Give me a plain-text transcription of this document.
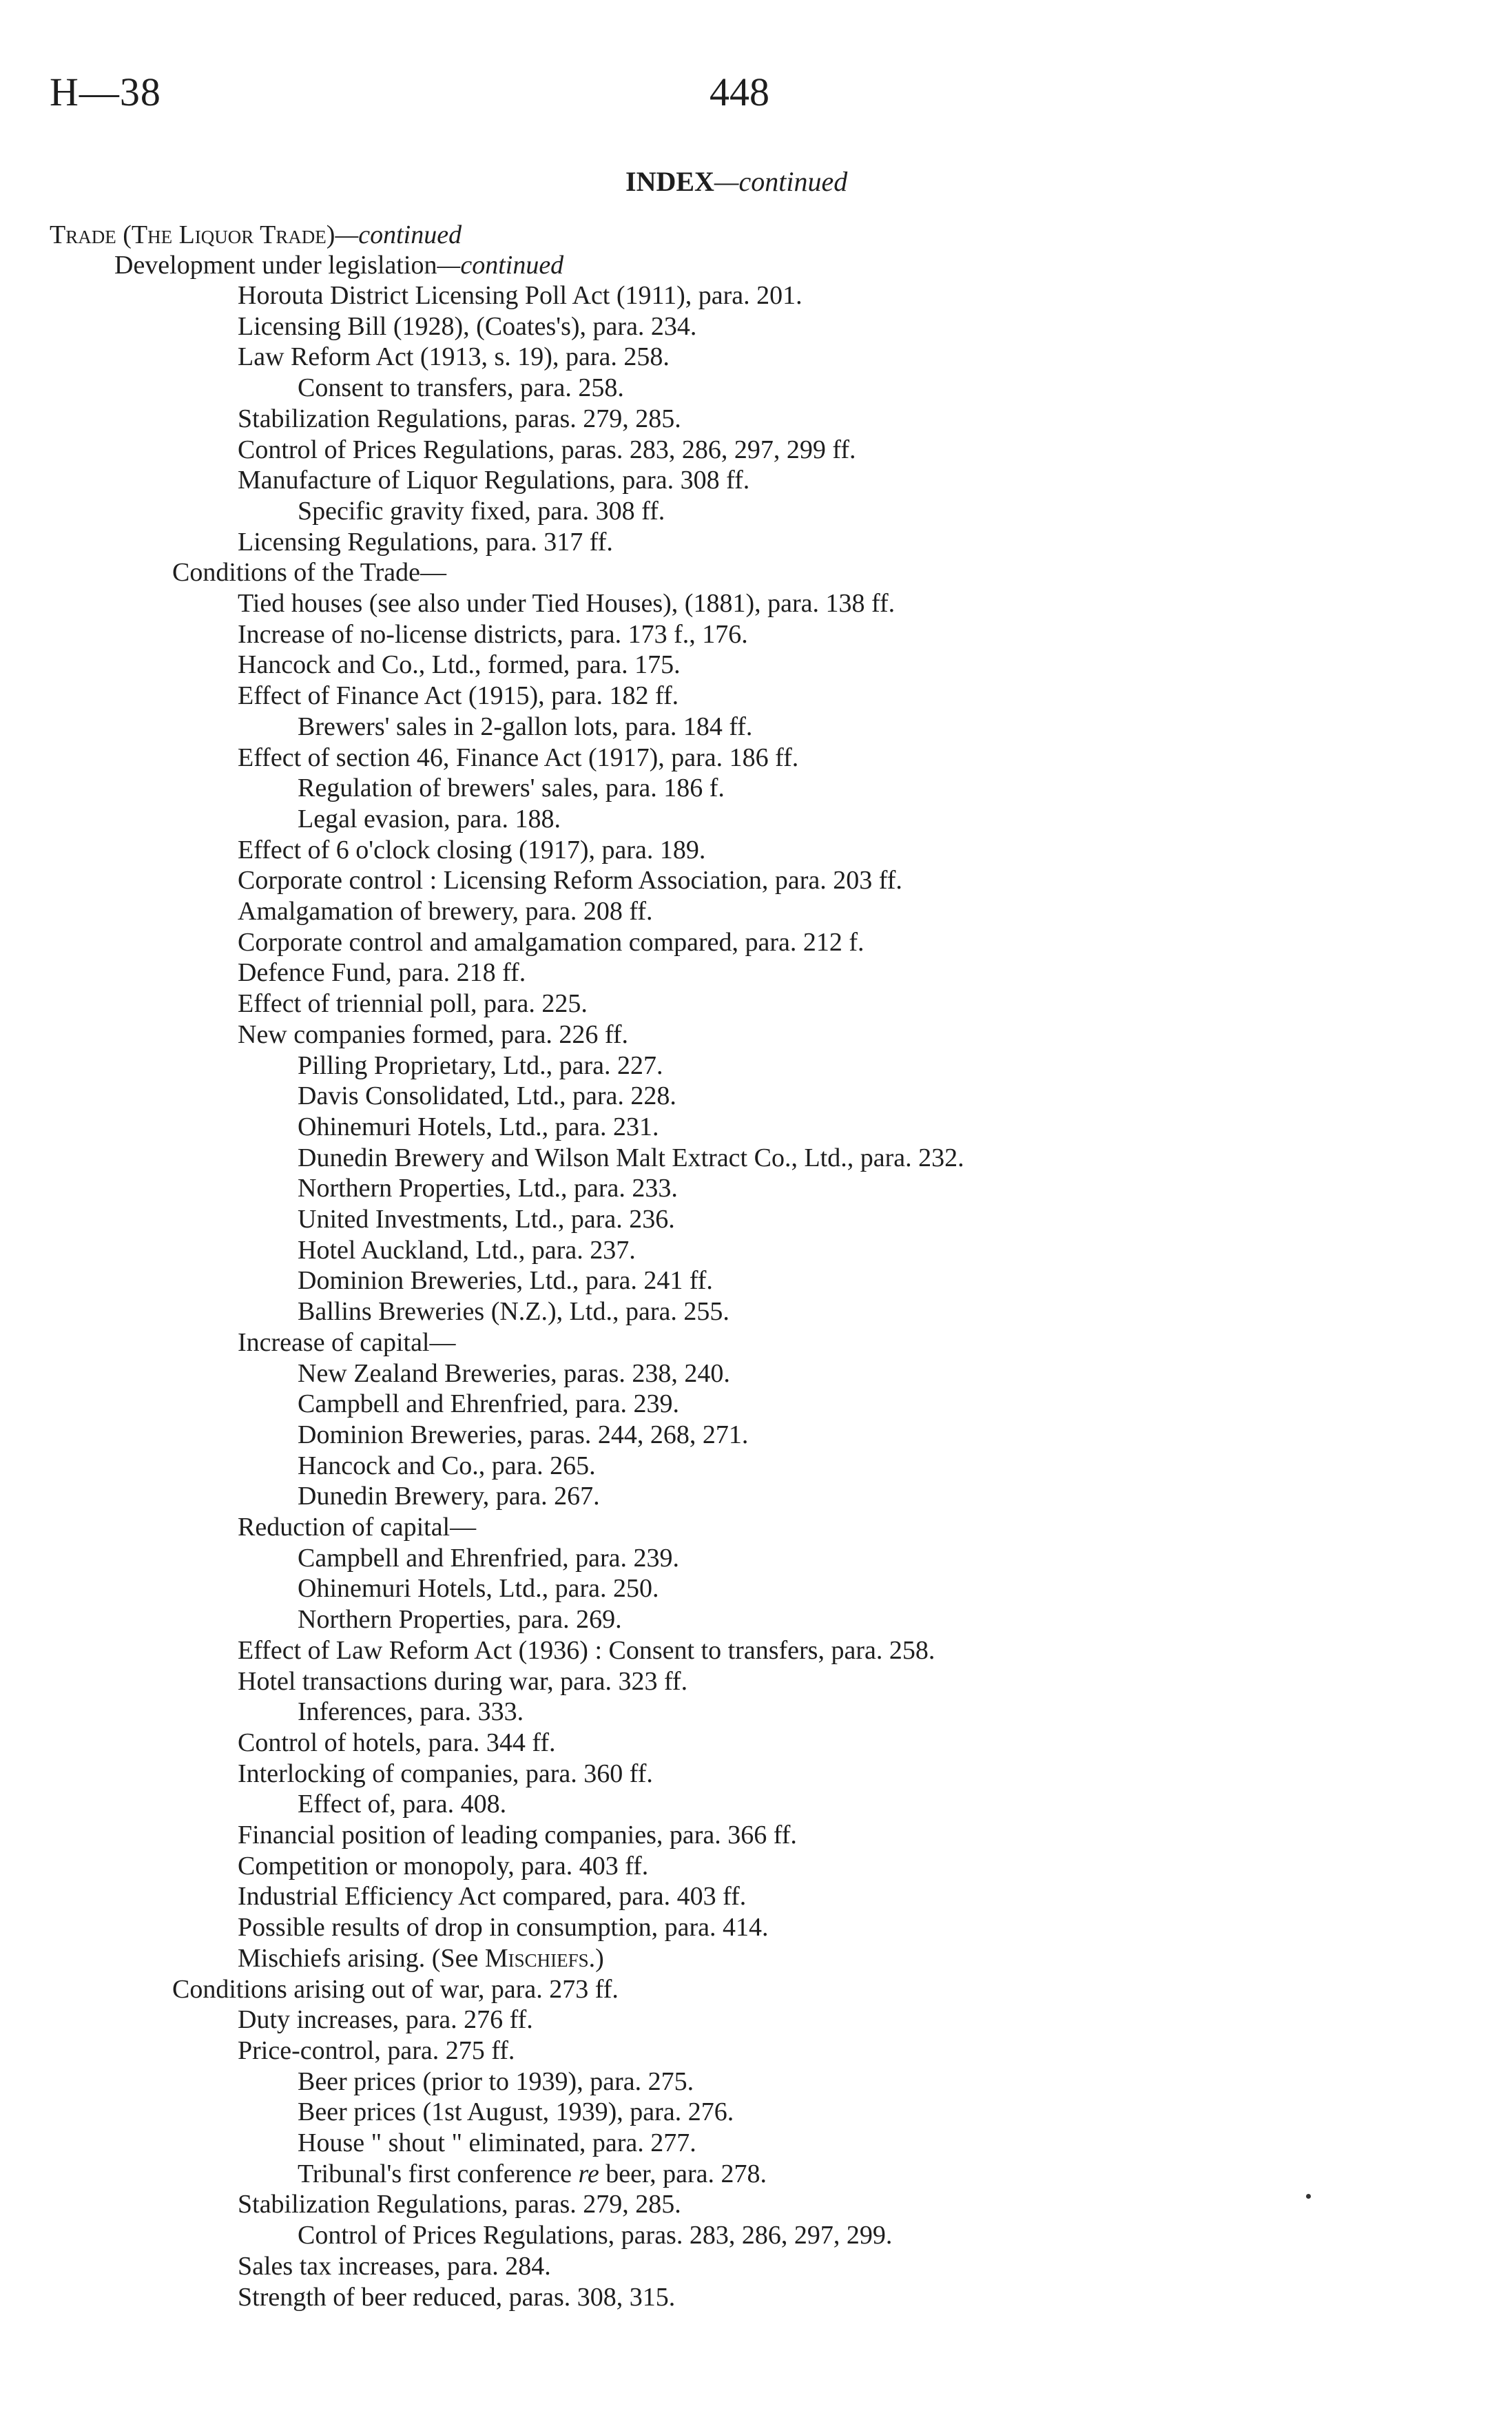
H—38	448
INDEX—continued
Trade (The Liquor Trade)—continued
Development under legislation—continued
Horouta District Licensing Poll Act (1911), para. 201.
Licensing Bill (1928), (Coates's), para. 234.
Law Reform Act (1913, s. 19), para. 258.
Consent to transfers, para. 258.
Stabilization Regulations, paras. 279, 285.
Control of Prices Regulations, paras. 283, 286, 297, 299 ff.
Manufacture of Liquor Regulations, para. 308 ff.
Specific gravity fixed, para. 308 ff.
Licensing Regulations, para. 317 ff.
Conditions of the Trade—
Tied houses (see also under Tied Houses), (1881), para. 138 ff.
Increase of no-license districts, para. 173 f., 176.
Hancock and Co., Ltd., formed, para. 175.
Effect of Finance Act (1915), para. 182 ff.
Brewers' sales in 2-gallon lots, para. 184 ff.
Effect of section 46, Finance Act (1917), para. 186 ff.
Regulation of brewers' sales, para. 186 f.
Legal evasion, para. 188.
Effect of 6 o'clock closing (1917), para. 189.
Corporate control : Licensing Reform Association, para. 203 ff.
Amalgamation of brewery, para. 208 ff.
Corporate control and amalgamation compared, para. 212 f.
Defence Fund, para. 218 ff.
Effect of triennial poll, para. 225.
New companies formed, para. 226 ff.
Pilling Proprietary, Ltd., para. 227.
Davis Consolidated, Ltd., para. 228.
Ohinemuri Hotels, Ltd., para. 231.
Dunedin Brewery and Wilson Malt Extract Co., Ltd., para. 232.
Northern Properties, Ltd., para. 233.
United Investments, Ltd., para. 236.
Hotel Auckland, Ltd., para. 237.
Dominion Breweries, Ltd., para. 241 ff.
Ballins Breweries (N.Z.), Ltd., para. 255.
Increase of capital—
New Zealand Breweries, paras. 238, 240.
Campbell and Ehrenfried, para. 239.
Dominion Breweries, paras. 244, 268, 271.
Hancock and Co., para. 265.
Dunedin Brewery, para. 267.
Reduction of capital—
Campbell and Ehrenfried, para. 239.
Ohinemuri Hotels, Ltd., para. 250.
Northern Properties, para. 269.
Effect of Law Reform Act (1936) : Consent to transfers, para. 258.
Hotel transactions during war, para. 323 ff.
Inferences, para. 333.
Control of hotels, para. 344 ff.
Interlocking of companies, para. 360 ff.
Effect of, para. 408.
Financial position of leading companies, para. 366 ff.
Competition or monopoly, para. 403 ff.
Industrial Efficiency Act compared, para. 403 ff.
Possible results of drop in consumption, para. 414.
Mischiefs arising. (See Mischiefs.)
Conditions arising out of war, para. 273 ff.
Duty increases, para. 276 ff.
Price-control, para. 275 ff.
Beer prices (prior to 1939), para. 275.
Beer prices (1st August, 1939), para. 276.
House " shout " eliminated, para. 277.
Tribunal's first conference re beer, para. 278.
Stabilization Regulations, paras. 279, 285.
Control of Prices Regulations, paras. 283, 286, 297, 299.
Sales tax increases, para. 284.
Strength of beer reduced, paras. 308, 315.
